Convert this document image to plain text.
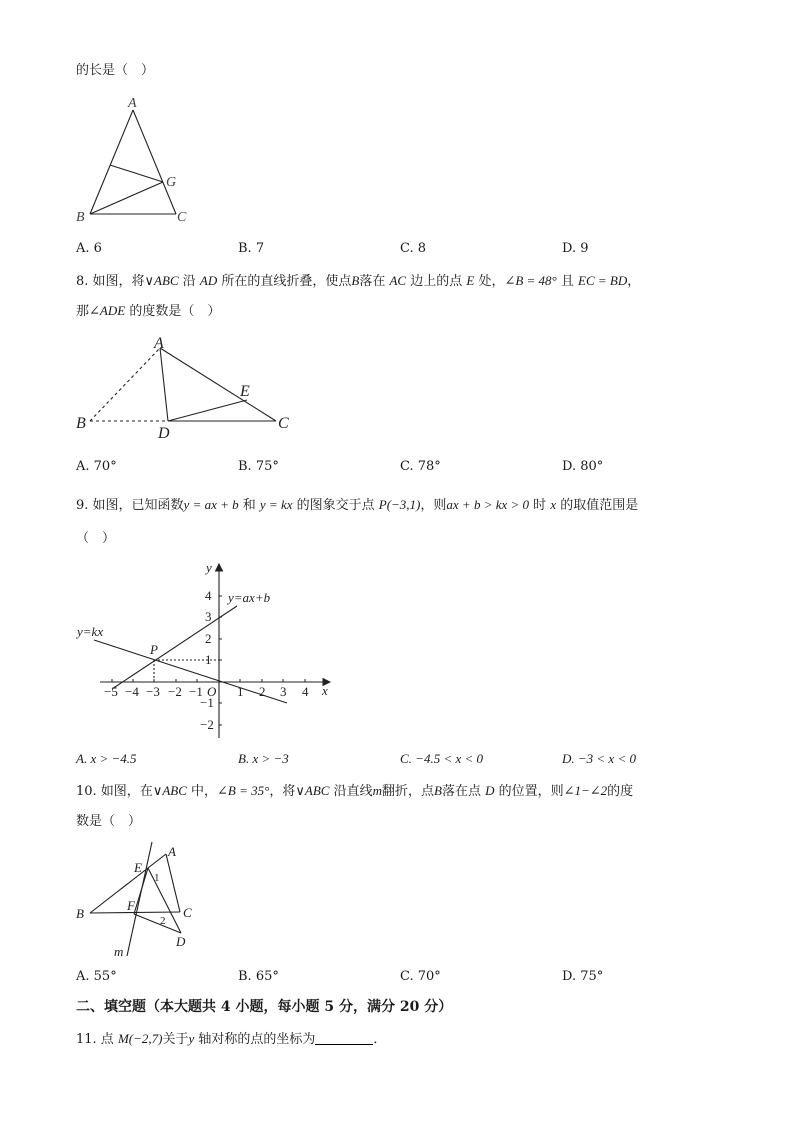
的长是（　）
A
G
B	C
A. 6	B. 7	C. 8	D. 9
8. 如图，将∨ABC 沿 AD 所在的直线折叠，使点B落在 AC 边上的点 E 处，∠B = 48° 且 EC = BD，
那∠ADE 的度数是（　）
A
E
B
D
C
A. 70°	B. 75°	C. 78°	D. 80°
9. 如图，已知函数y = ax + b 和 y = kx 的图象交于点 P(−3,1)，则ax + b > kx > 0 时 x 的取值范围是
（　）
y
x
O
y=ax+b
y=kx
P
−5 −4 −3 −2 −1	1 2 3 4
4
3
2
1
−1
−2
A. x > −4.5	B. x > −3	C. −4.5 < x < 0	D. −3 < x < 0
10. 如图，在∨ABC 中，∠B = 35°，将∨ABC 沿直线m翻折，点B落在点 D 的位置，则∠1−∠2的度
数是（　）
A
E
1
B
F	C
2
D
m
A. 55°	B. 65°	C. 70°	D. 75°
二、填空题（本大题共 4 小题，每小题 5 分，满分 20 分）
11. 点 M(−2,7)关于y 轴对称的点的坐标为	．
